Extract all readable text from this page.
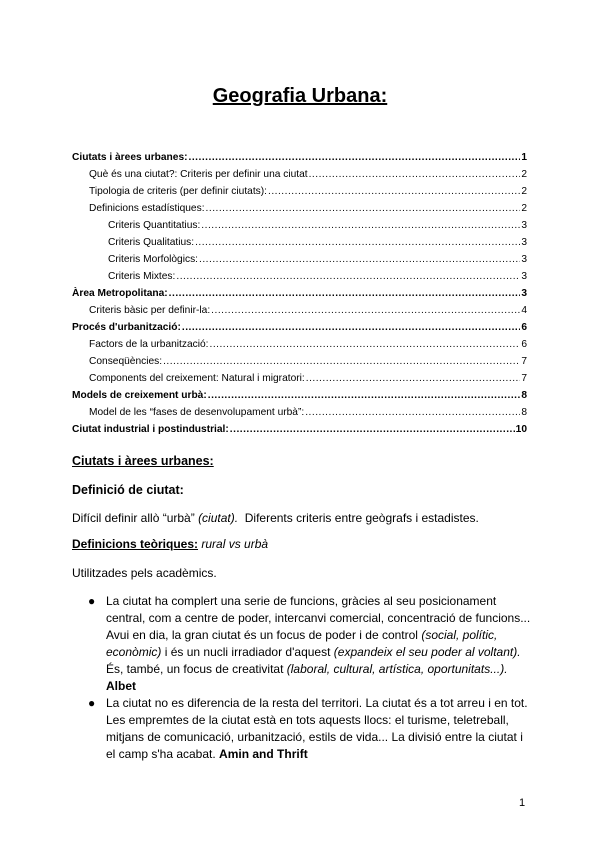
Geografia Urbana:
Ciutats i àrees urbanes: .....	1
Què és una ciutat?: Criteris per definir una ciutat .....	2
Tipologia de criteris (per definir ciutats): .....	2
Definicions estadístiques: .....	2
Criteris Quantitatius: .....	3
Criteris Qualitatius: .....	3
Criteris Morfològics: .....	3
Criteris Mixtes: .....	3
Àrea Metropolitana: .....	3
Criteris bàsic per definir-la: .....	4
Procés d'urbanització: .....	6
Factors de la urbanització: .....	6
Conseqüències: .....	7
Components del creixement: Natural i migratori: .....	7
Models de creixement urbà: .....	8
Model de les “fases de desenvolupament urbà”: .....	8
Ciutat industrial i postindustrial: .....	10
Ciutats i àrees urbanes:
Definició de ciutat:
Difícil definir allò “urbà” (ciutat). Diferents criteris entre geògrafs i estadistes.
Definicions teòriques: rural vs urbà
Utilitzades pels acadèmics.
● La ciutat ha complert una serie de funcions, gràcies al seu posicionament central, com a centre de poder, intercanvi comercial, concentració de funcions... Avui en dia, la gran ciutat és un focus de poder i de control (social, polític, econòmic) i és un nucli irradiador d'aquest (expandeix el seu poder al voltant). És, també, un focus de creativitat (laboral, cultural, artística, oportunitats...). Albet
● La ciutat no es diferencia de la resta del territori. La ciutat és a tot arreu i en tot. Les empremtes de la ciutat està en tots aquests llocs: el turisme, teletreball, mitjans de comunicació, urbanització, estils de vida... La divisió entre la ciutat i el camp s'ha acabat. Amin and Thrift
1
